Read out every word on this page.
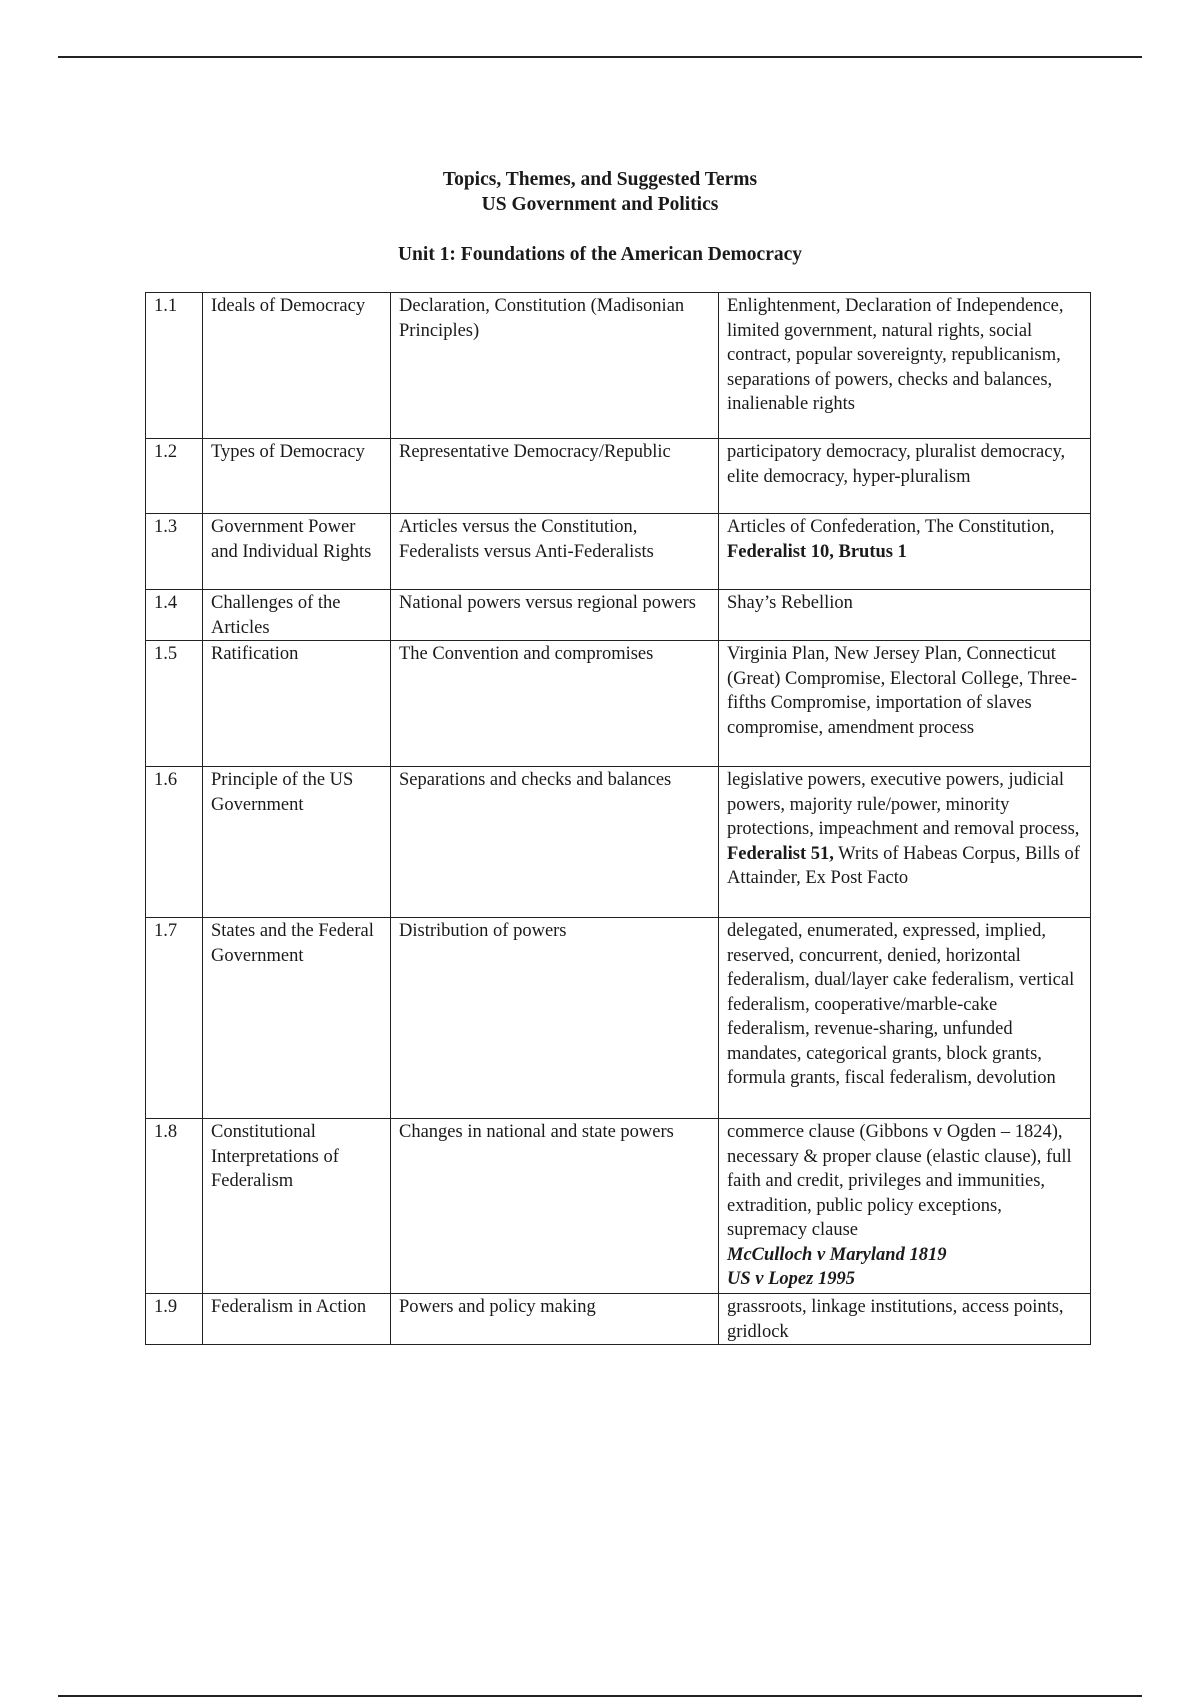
Topics, Themes, and Suggested Terms
US Government and Politics
Unit 1: Foundations of the American Democracy
1.1	Ideals of Democracy	Declaration, Constitution (Madisonian Principles)	Enlightenment, Declaration of Independence, limited government, natural rights, social contract, popular sovereignty, republicanism, separations of powers, checks and balances, inalienable rights
1.2	Types of Democracy	Representative Democracy/Republic	participatory democracy, pluralist democracy, elite democracy, hyper-pluralism
1.3	Government Power and Individual Rights	Articles versus the Constitution, Federalists versus Anti-Federalists	Articles of Confederation, The Constitution, Federalist 10, Brutus 1
1.4	Challenges of the Articles	National powers versus regional powers	Shay’s Rebellion
1.5	Ratification	The Convention and compromises	Virginia Plan, New Jersey Plan, Connecticut (Great) Compromise, Electoral College, Three-fifths Compromise, importation of slaves compromise, amendment process
1.6	Principle of the US Government	Separations and checks and balances	legislative powers, executive powers, judicial powers, majority rule/power, minority protections, impeachment and removal process, Federalist 51, Writs of Habeas Corpus, Bills of Attainder, Ex Post Facto
1.7	States and the Federal Government	Distribution of powers	delegated, enumerated, expressed, implied, reserved, concurrent, denied, horizontal federalism, dual/layer cake federalism, vertical federalism, cooperative/marble-cake federalism, revenue-sharing, unfunded mandates, categorical grants, block grants, formula grants, fiscal federalism, devolution
1.8	Constitutional Interpretations of Federalism	Changes in national and state powers	commerce clause (Gibbons v Ogden – 1824), necessary & proper clause (elastic clause), full faith and credit, privileges and immunities, extradition, public policy exceptions, supremacy clause
McCulloch v Maryland 1819
US v Lopez 1995

1.9	Federalism in Action	Powers and policy making	grassroots, linkage institutions, access points, gridlock
